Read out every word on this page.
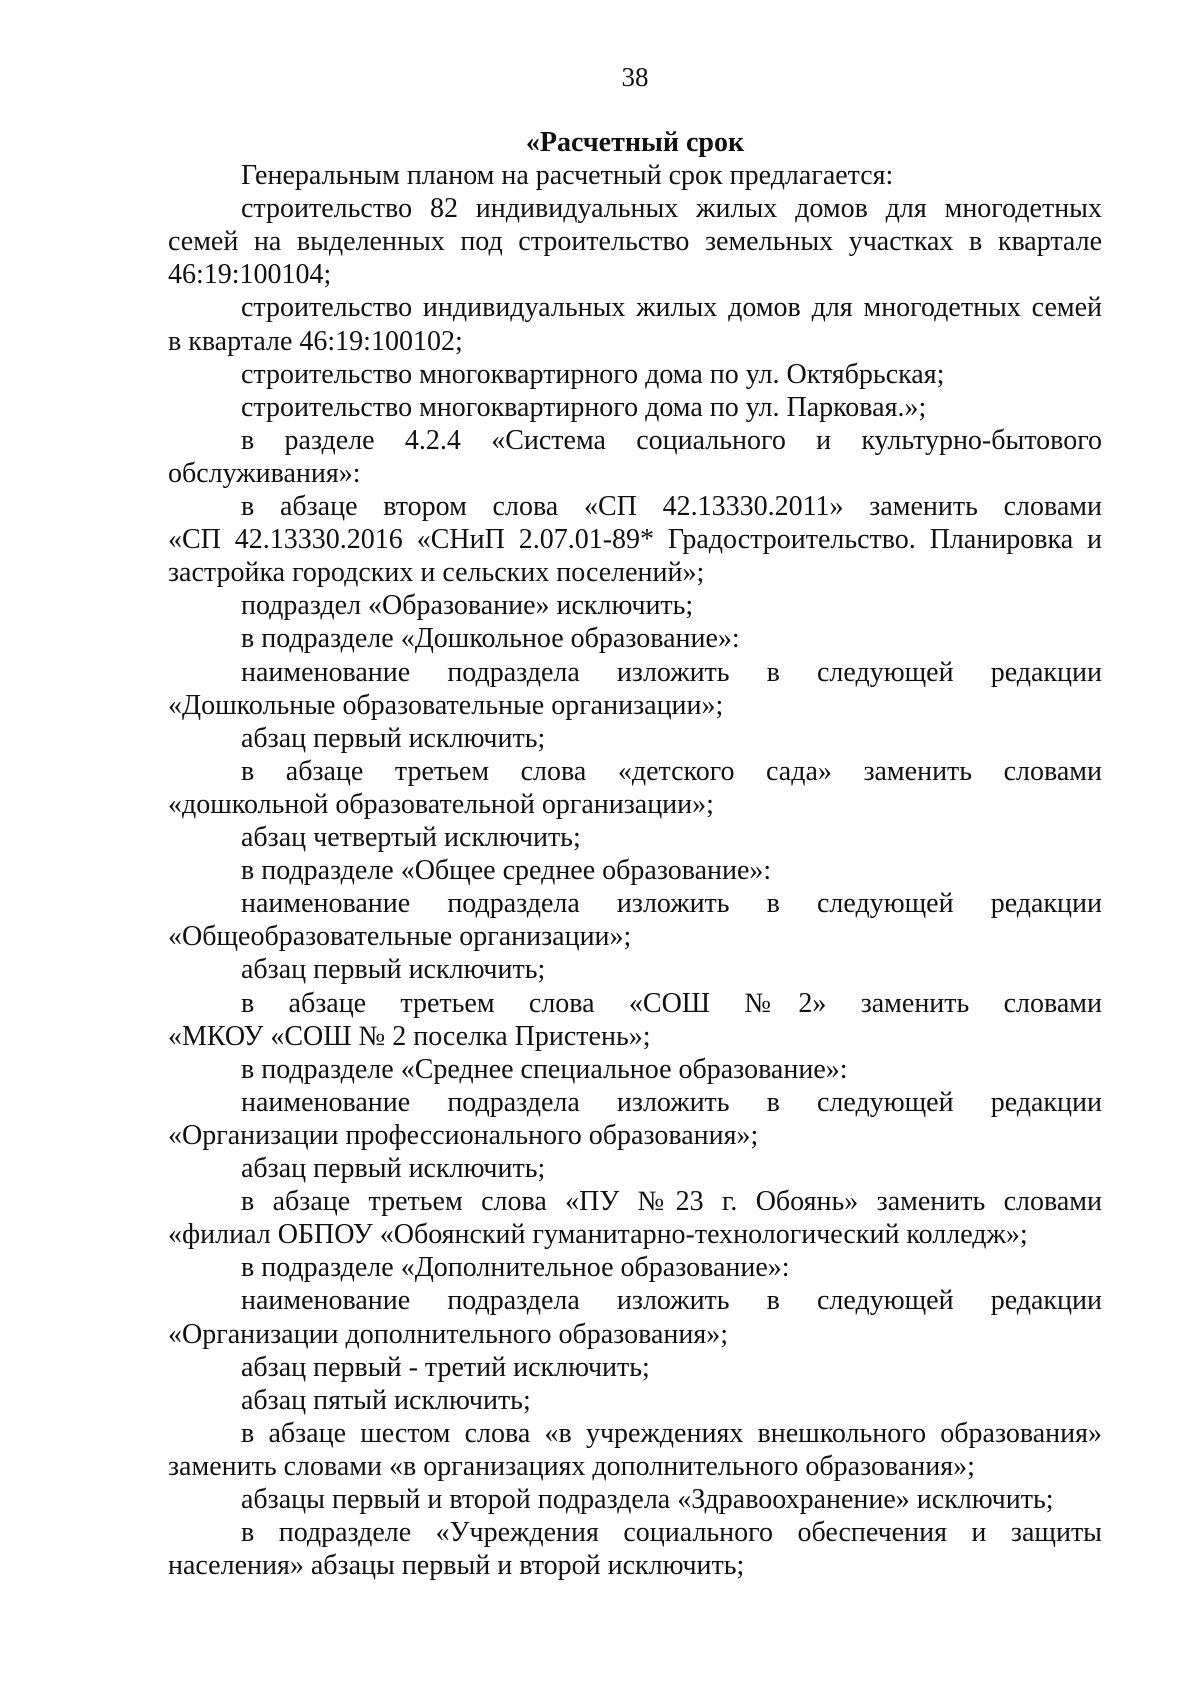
38
«Расчетный срок
Генеральным планом на расчетный срок предлагается:
строительство 82 индивидуальных жилых домов для многодетных
семей на выделенных под строительство земельных участках в квартале
46:19:100104;
строительство индивидуальных жилых домов для многодетных семей
в квартале 46:19:100102;
строительство многоквартирного дома по ул. Октябрьская;
строительство многоквартирного дома по ул. Парковая.»;
в разделе 4.2.4 «Система социального и культурно-бытового
обслуживания»:
в абзаце втором слова «СП 42.13330.2011» заменить словами
«СП 42.13330.2016 «СНиП 2.07.01-89* Градостроительство. Планировка и
застройка городских и сельских поселений»;
подраздел «Образование» исключить;
в подразделе «Дошкольное образование»:
наименование подраздела изложить в следующей редакции
«Дошкольные образовательные организации»;
абзац первый исключить;
в абзаце третьем слова «детского сада» заменить словами
«дошкольной образовательной организации»;
абзац четвертый исключить;
в подразделе «Общее среднее образование»:
наименование подраздела изложить в следующей редакции
«Общеобразовательные организации»;
абзац первый исключить;
в абзаце третьем слова «СОШ №2» заменить словами
«МКОУ «СОШ № 2 поселка Пристень»;
в подразделе «Среднее специальное образование»:
наименование подраздела изложить в следующей редакции
«Организации профессионального образования»;
абзац первый исключить;
в абзаце третьем слова «ПУ №23 г. Обоянь» заменить словами
«филиал ОБПОУ «Обоянский гуманитарно-технологический колледж»;
в подразделе «Дополнительное образование»:
наименование подраздела изложить в следующей редакции
«Организации дополнительного образования»;
абзац первый - третий исключить;
абзац пятый исключить;
в абзаце шестом слова «в учреждениях внешкольного образования»
заменить словами «в организациях дополнительного образования»;
абзацы первый и второй подраздела «Здравоохранение» исключить;
в подразделе «Учреждения социального обеспечения и защиты
населения» абзацы первый и второй исключить;
